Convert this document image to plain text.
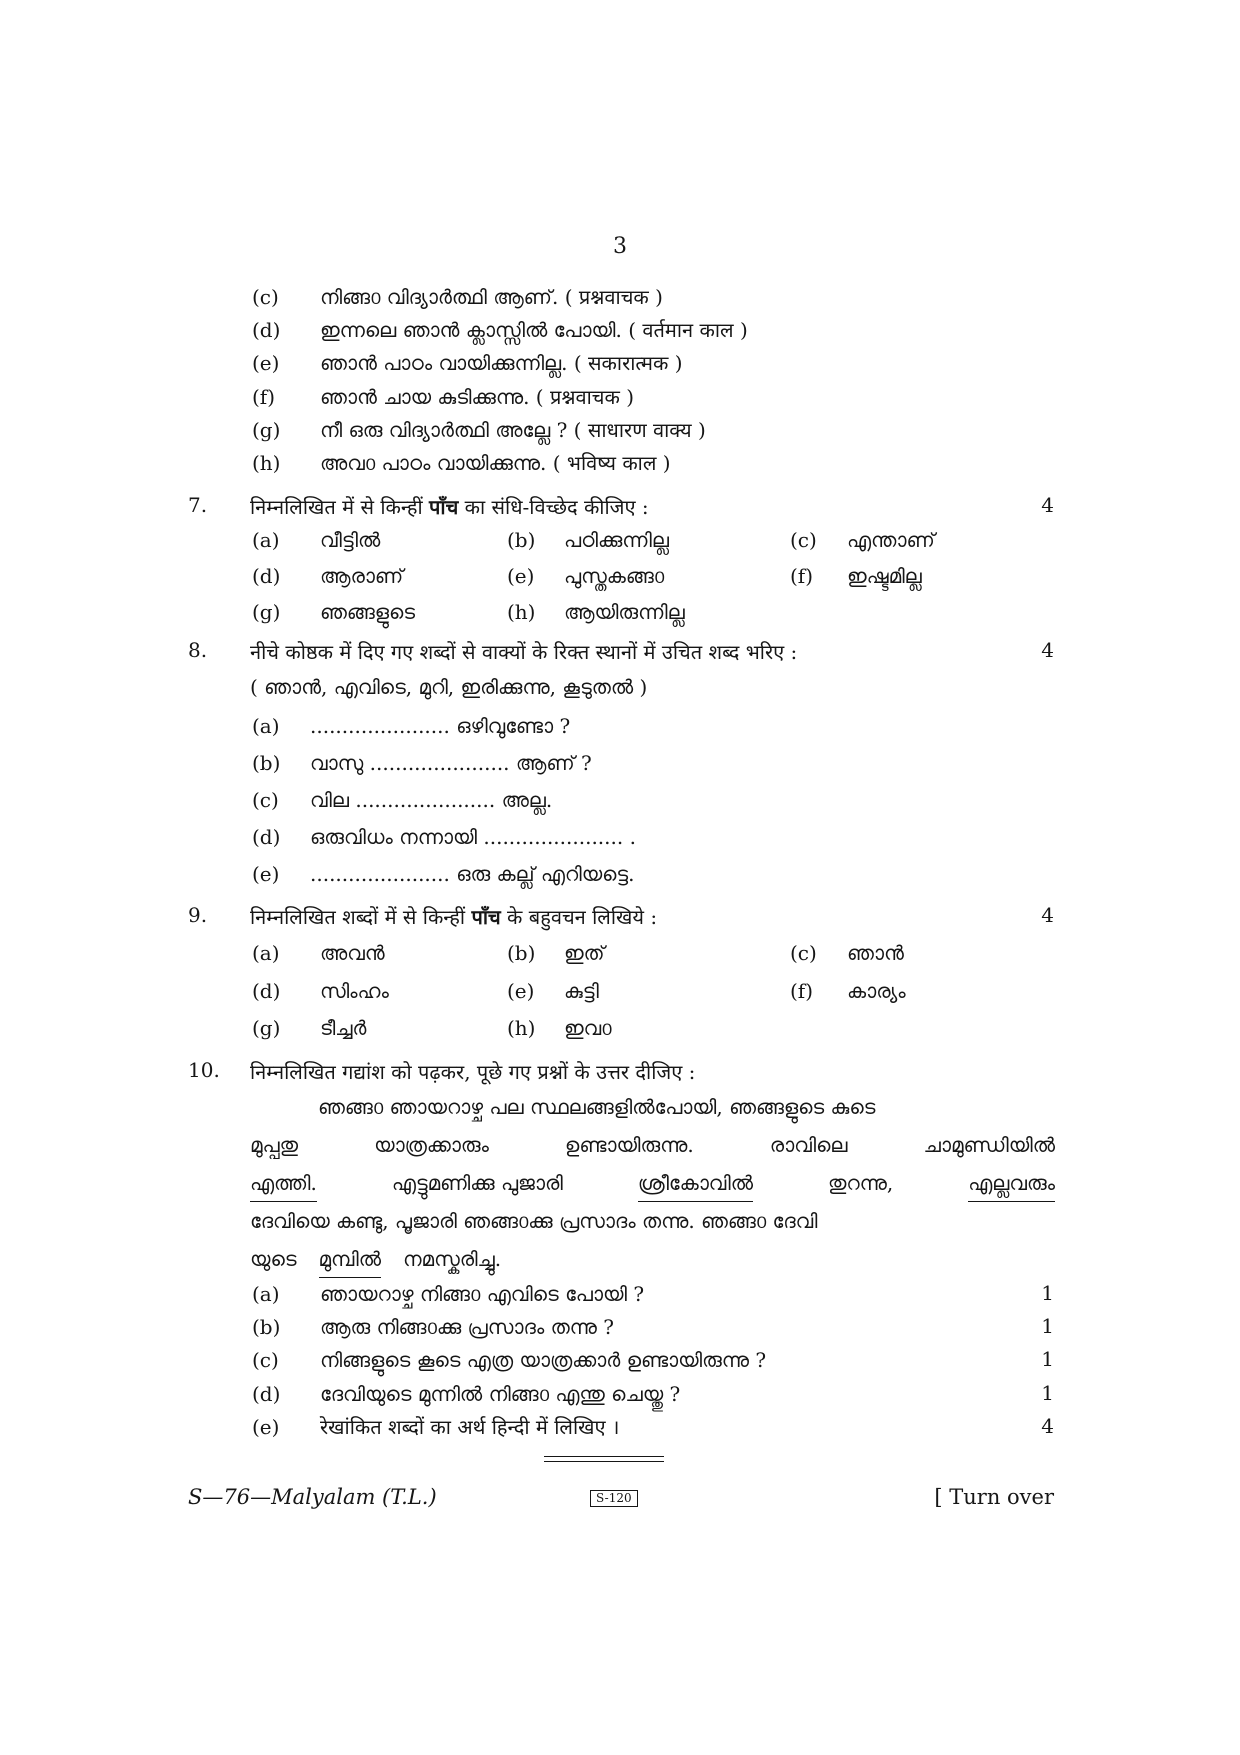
3
(c)	നിങ്ങ൦ വിദ്യാർത്ഥി ആണ്. ( प्रश्नवाचक )
(d)	ഇന്നലെ ഞാൻ ക്ലാസ്സിൽ പോയി. ( वर्तमान काल )
(e)	ഞാൻ പാഠം വായിക്കുന്നില്ല. ( सकारात्मक )
(f)	ഞാൻ ചായ കുടിക്കുന്നു. ( प्रश्नवाचक )
(g)	നീ ഒരു വിദ്യാർത്ഥി അല്ലേ ? ( साधारण वाक्य )
(h)	അവ൦ പാഠം വായിക്കുന്നു. ( भविष्य काल )
7. निम्नलिखित में से किन्हीं पाँच का संधि-विच्छेद कीजिए :	4
(a) വീട്ടിൽ	(b) പഠിക്കുന്നില്ല	(c) എന്താണ്
(d) ആരാണ്	(e) പുസ്തകങ്ങ൦	(f) ഇഷ്ടമില്ല
(g) ഞങ്ങളുടെ	(h) ആയിരുന്നില്ല
8. नीचे कोष्ठक में दिए गए शब्दों से वाक्यों के रिक्त स्थानों में उचित शब्द भरिए :	4
( ഞാൻ, എവിടെ, മുറി, ഇരിക്കുന്നു, കൂടുതൽ )
(a)	...................... ഒഴിവുണ്ടോ ?
(b)	വാസു ...................... ആണ് ?
(c)	വില ...................... അല്ല.
(d)	ഒരുവിധം നന്നായി ...................... .
(e)	...................... ഒരു കല്ല് എറിയട്ടെ.
9. निम्नलिखित शब्दों में से किन्हीं पाँच के बहुवचन लिखिये :	4
(a) അവൻ	(b) ഇത്	(c) ഞാൻ
(d) സിംഹം	(e) കുട്ടി	(f) കാര്യം
(g) ടീച്ചർ	(h) ഇവ൦
10. निम्नलिखित गद्यांश को पढ़कर, पूछे गए प्रश्नों के उत्तर दीजिए :
ഞങ്ങ൦ ഞായറാഴ്ച പല സ്ഥലങ്ങളിൽപോയി, ഞങ്ങളുടെ കുടെ
മുപ്പതു	യാത്രക്കാരും	ഉണ്ടായിരുന്നു.	രാവിലെ	ചാമുണ്ഡിയിൽ
എത്തി.	എട്ടുമണിക്കു പുജാരി	ശ്രീകോവിൽ	തുറന്നു,	എല്ലവരും
ദേവിയെ കണ്ടു, പൂജാരി ഞങ്ങ൦ക്കു പ്രസാദം തന്നു. ഞങ്ങ൦ ദേവി
യുടെ മുമ്പിൽ നമസ്കരിച്ചു.
(a)	ഞായറാഴ്ച നിങ്ങ൦ എവിടെ പോയി ?	1
(b)	ആരു നിങ്ങ൦ക്കു പ്രസാദം തന്നു ?	1
(c)	നിങ്ങളുടെ കൂടെ എത്ര യാത്രക്കാർ ഉണ്ടായിരുന്നു ?	1
(d)	ദേവിയുടെ മുന്നിൽ നിങ്ങ൦ എന്തു ചെയ്തു ?	1
(e)	रेखांकित शब्दों का अर्थ हिन्दी में लिखिए ।	4
S—76—Malyalam (T.L.)	S-120	[ Turn over
